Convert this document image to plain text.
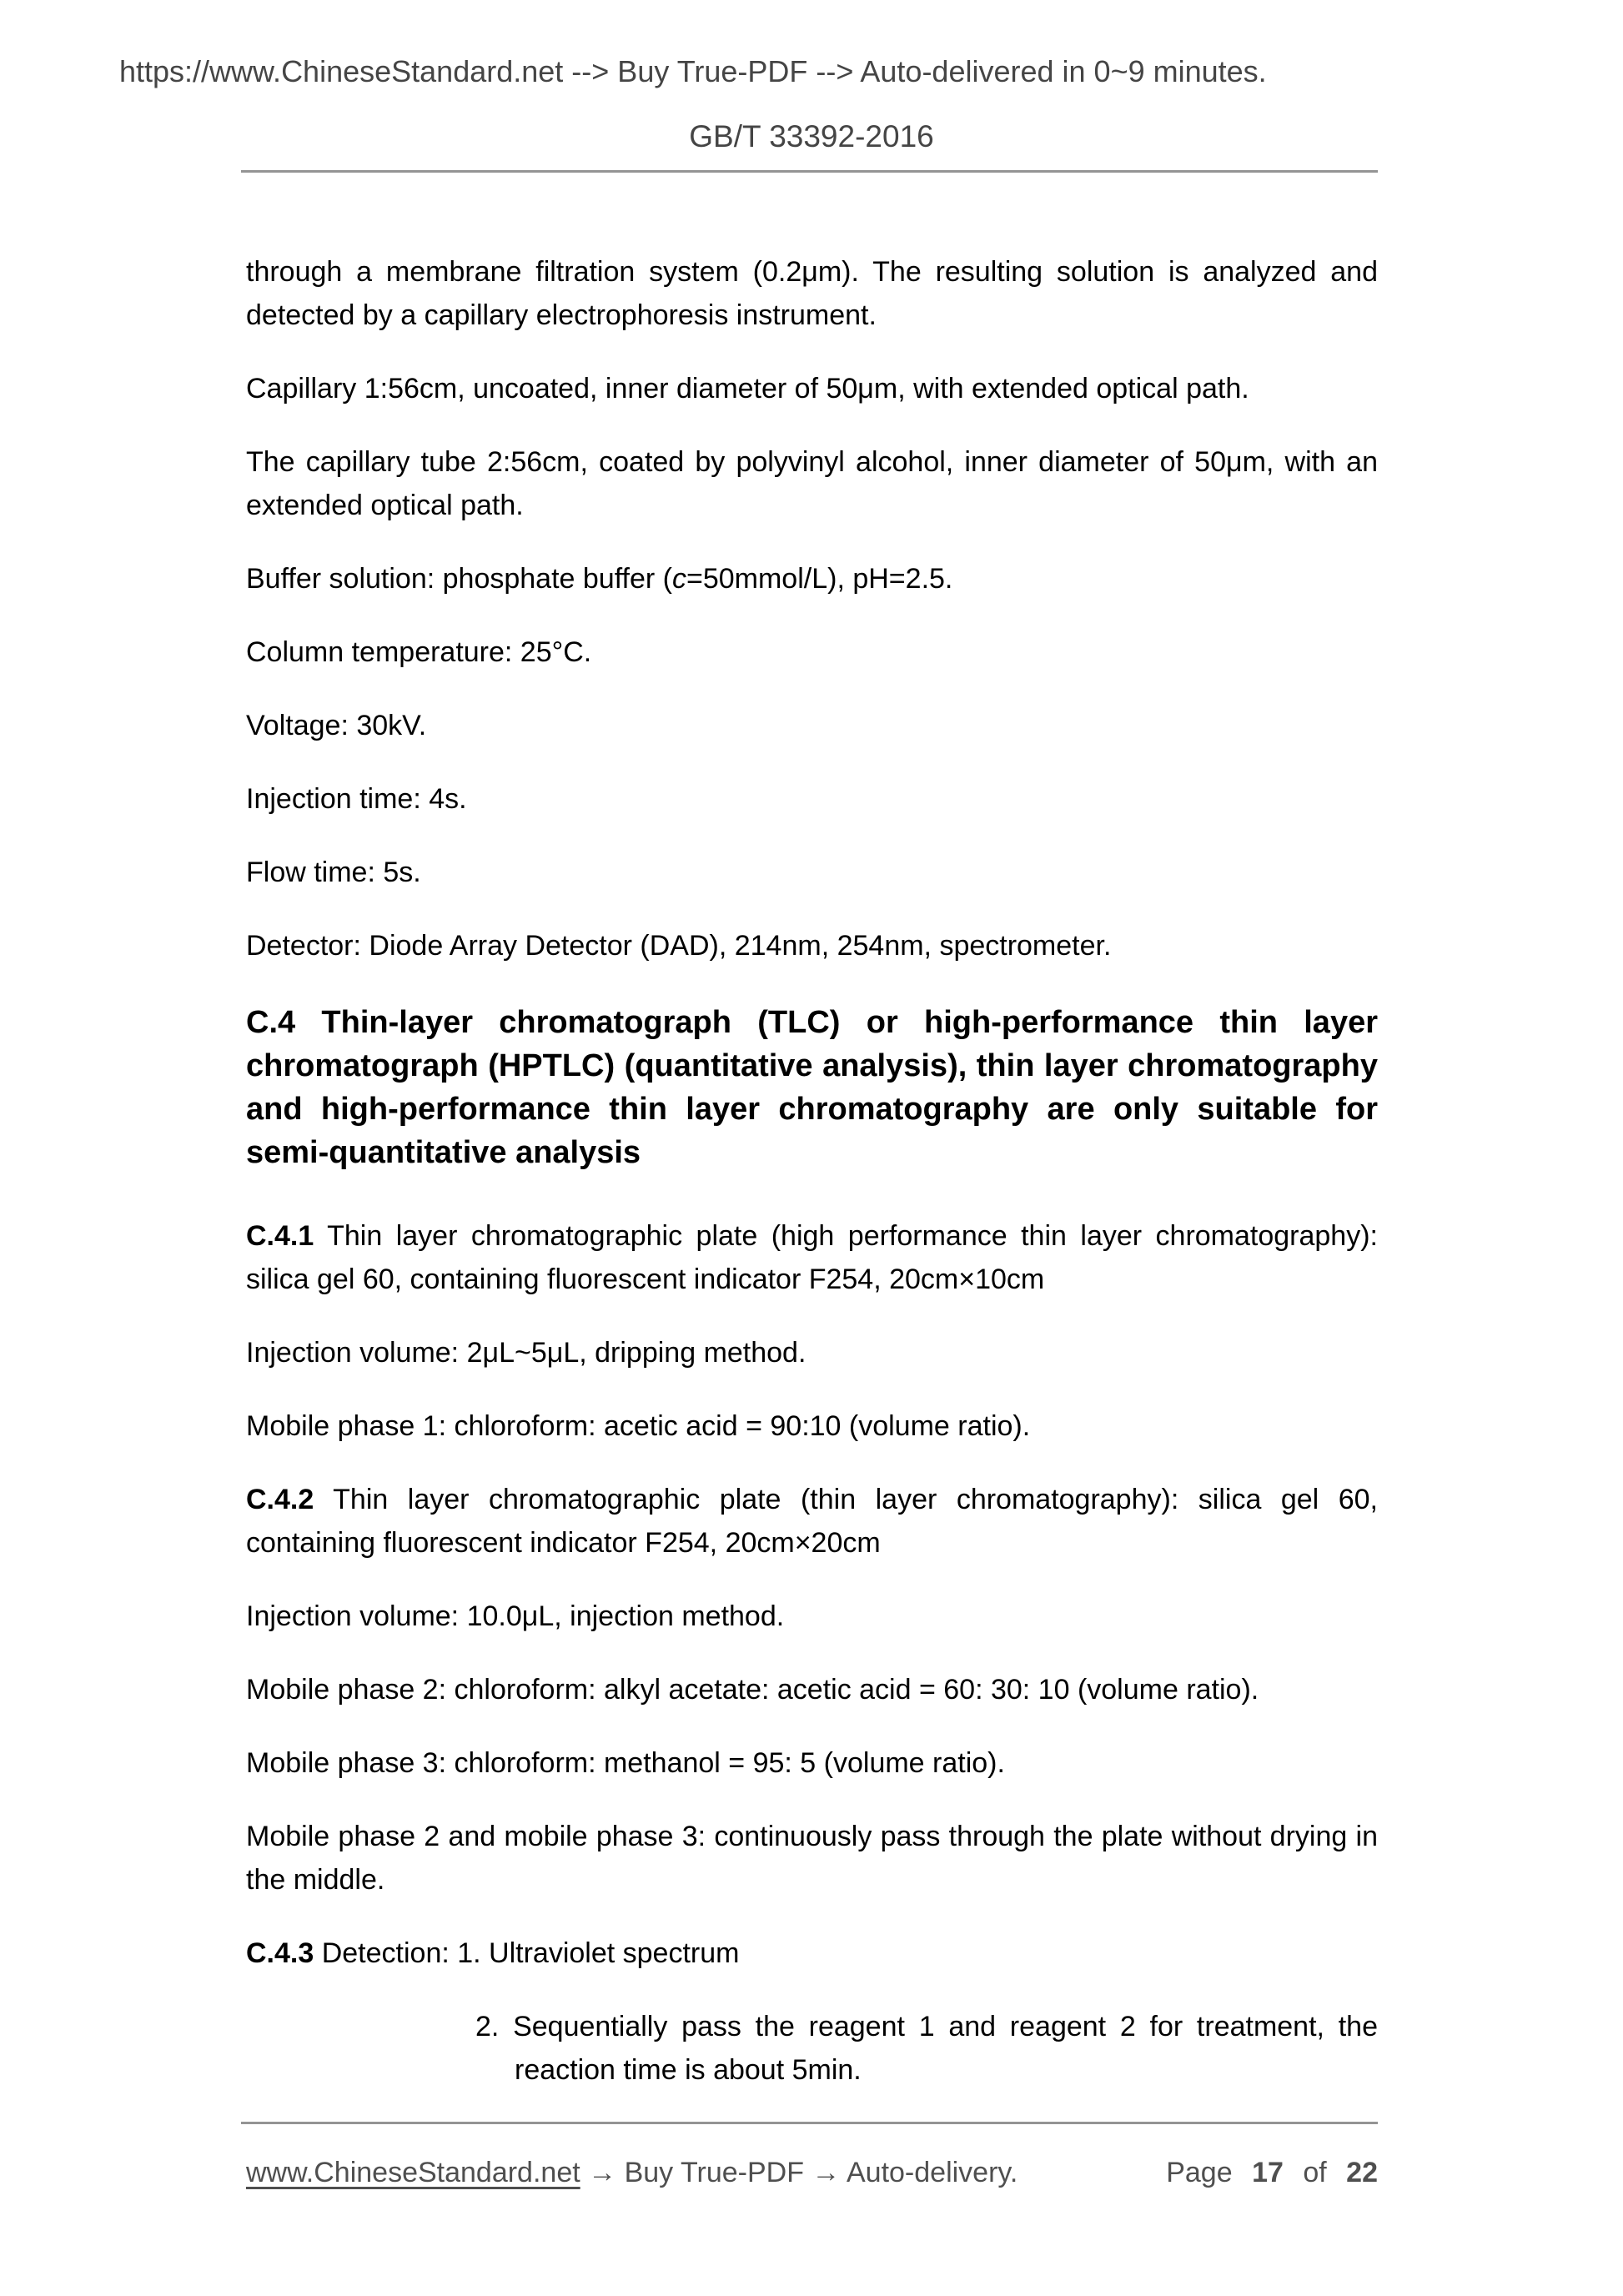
https://www.ChineseStandard.net --> Buy True-PDF --> Auto-delivered in 0~9 minutes.
GB/T 33392-2016

through a membrane filtration system (0.2μm). The resulting solution is analyzed and detected by a capillary electrophoresis instrument.

Capillary 1:56cm, uncoated, inner diameter of 50μm, with extended optical path.

The capillary tube 2:56cm, coated by polyvinyl alcohol, inner diameter of 50μm, with an extended optical path.

Buffer solution: phosphate buffer (c=50mmol/L), pH=2.5.

Column temperature: 25°C.

Voltage: 30kV.

Injection time: 4s.

Flow time: 5s.

Detector: Diode Array Detector (DAD), 214nm, 254nm, spectrometer.

C.4 Thin-layer chromatograph (TLC) or high-performance thin layer chromatograph (HPTLC) (quantitative analysis), thin layer chromatography and high-performance thin layer chromatography are only suitable for semi-quantitative analysis

C.4.1 Thin layer chromatographic plate (high performance thin layer chromatography): silica gel 60, containing fluorescent indicator F254, 20cm×10cm

Injection volume: 2μL~5μL, dripping method.

Mobile phase 1: chloroform: acetic acid = 90:10 (volume ratio).

C.4.2 Thin layer chromatographic plate (thin layer chromatography): silica gel 60, containing fluorescent indicator F254, 20cm×20cm

Injection volume: 10.0μL, injection method.

Mobile phase 2: chloroform: alkyl acetate: acetic acid = 60: 30: 10 (volume ratio).

Mobile phase 3: chloroform: methanol = 95: 5 (volume ratio).

Mobile phase 2 and mobile phase 3: continuously pass through the plate without drying in the middle.

C.4.3 Detection: 1. Ultraviolet spectrum

2. Sequentially pass the reagent 1 and reagent 2 for treatment, the reaction time is about 5min.

www.ChineseStandard.net → Buy True-PDF → Auto-delivery.	Page 17 of 22
